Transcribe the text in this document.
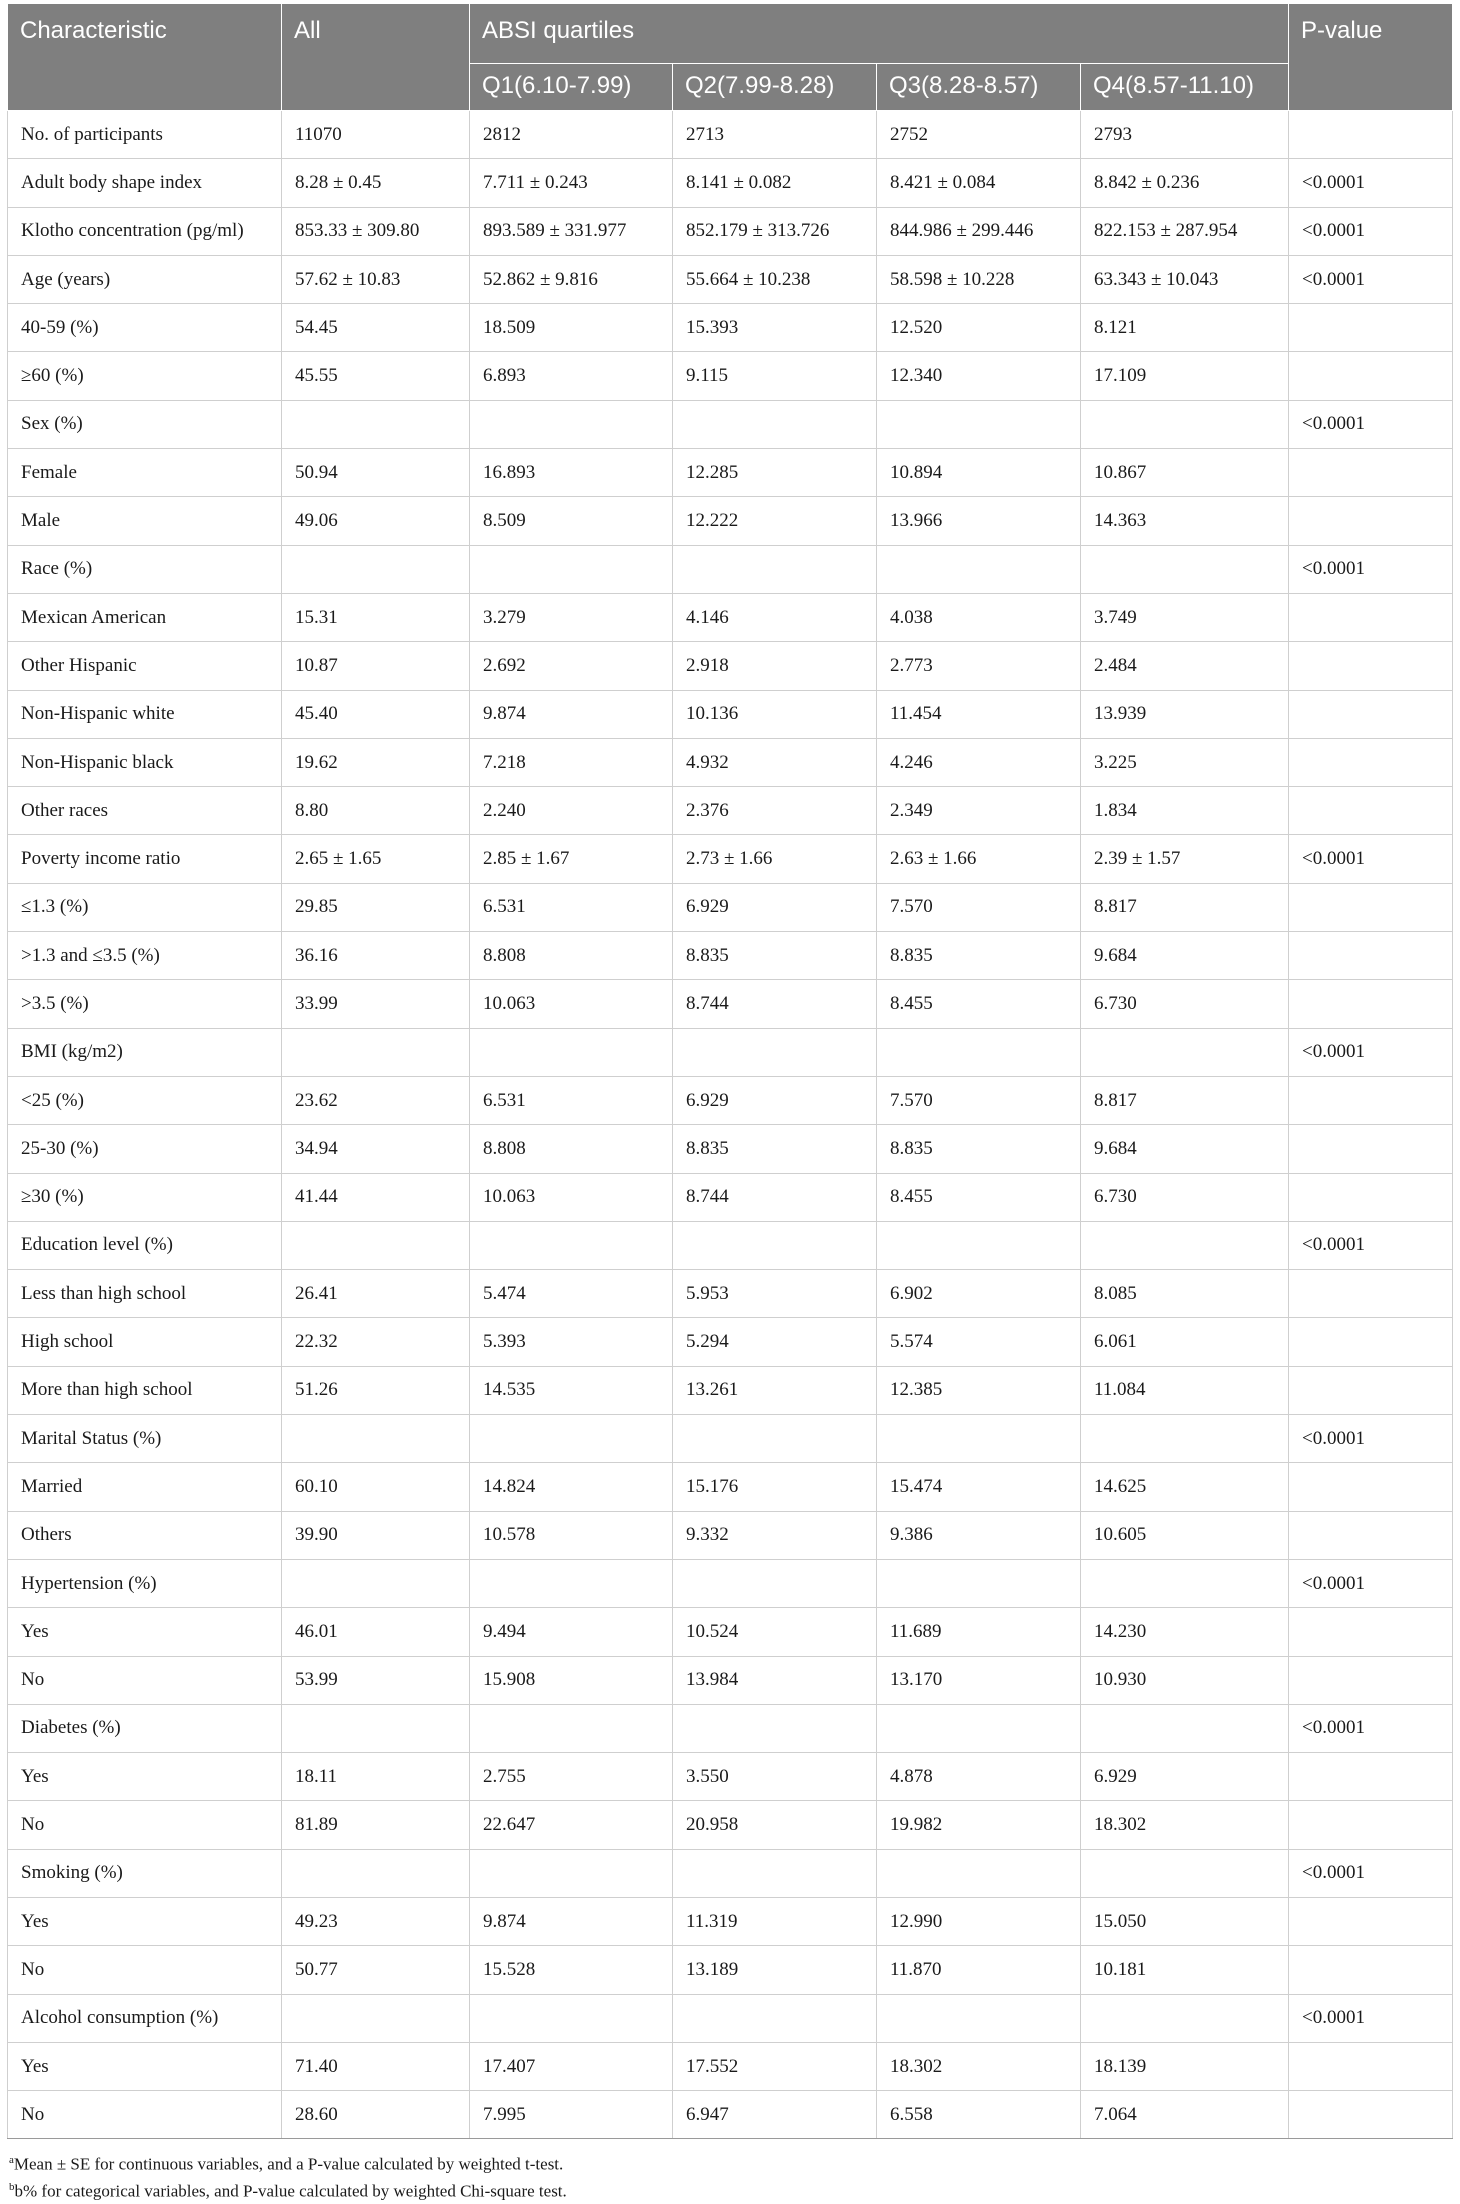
Characteristic	All	ABSI quartiles				P-value
		Q1(6.10-7.99)	Q2(7.99-8.28)	Q3(8.28-8.57)	Q4(8.57-11.10)	
No. of participants	11070	2812	2713	2752	2793	
Adult body shape index	8.28 ± 0.45	7.711 ± 0.243	8.141 ± 0.082	8.421 ± 0.084	8.842 ± 0.236	<0.0001
Klotho concentration (pg/ml)	853.33 ± 309.80	893.589 ± 331.977	852.179 ± 313.726	844.986 ± 299.446	822.153 ± 287.954	<0.0001
Age (years)	57.62 ± 10.83	52.862 ± 9.816	55.664 ± 10.238	58.598 ± 10.228	63.343 ± 10.043	<0.0001
40-59 (%)	54.45	18.509	15.393	12.520	8.121	
≥60 (%)	45.55	6.893	9.115	12.340	17.109	
Sex (%)						<0.0001
Female	50.94	16.893	12.285	10.894	10.867	
Male	49.06	8.509	12.222	13.966	14.363	
Race (%)						<0.0001
Mexican American	15.31	3.279	4.146	4.038	3.749	
Other Hispanic	10.87	2.692	2.918	2.773	2.484	
Non-Hispanic white	45.40	9.874	10.136	11.454	13.939	
Non-Hispanic black	19.62	7.218	4.932	4.246	3.225	
Other races	8.80	2.240	2.376	2.349	1.834	
Poverty income ratio	2.65 ± 1.65	2.85 ± 1.67	2.73 ± 1.66	2.63 ± 1.66	2.39 ± 1.57	<0.0001
≤1.3 (%)	29.85	6.531	6.929	7.570	8.817	
>1.3 and ≤3.5 (%)	36.16	8.808	8.835	8.835	9.684	
>3.5 (%)	33.99	10.063	8.744	8.455	6.730	
BMI (kg/m2)						<0.0001
<25 (%)	23.62	6.531	6.929	7.570	8.817	
25-30 (%)	34.94	8.808	8.835	8.835	9.684	
≥30 (%)	41.44	10.063	8.744	8.455	6.730	
Education level (%)						<0.0001
Less than high school	26.41	5.474	5.953	6.902	8.085	
High school	22.32	5.393	5.294	5.574	6.061	
More than high school	51.26	14.535	13.261	12.385	11.084	
Marital Status (%)						<0.0001
Married	60.10	14.824	15.176	15.474	14.625	
Others	39.90	10.578	9.332	9.386	10.605	
Hypertension (%)						<0.0001
Yes	46.01	9.494	10.524	11.689	14.230	
No	53.99	15.908	13.984	13.170	10.930	
Diabetes (%)						<0.0001
Yes	18.11	2.755	3.550	4.878	6.929	
No	81.89	22.647	20.958	19.982	18.302	
Smoking (%)						<0.0001
Yes	49.23	9.874	11.319	12.990	15.050	
No	50.77	15.528	13.189	11.870	10.181	
Alcohol consumption (%)						<0.0001
Yes	71.40	17.407	17.552	18.302	18.139	
No	28.60	7.995	6.947	6.558	7.064	
$^a$Mean ± SE for continuous variables, and a P-value calculated by weighted t-test.
$^b$b% for categorical variables, and P-value calculated by weighted Chi-square test.
